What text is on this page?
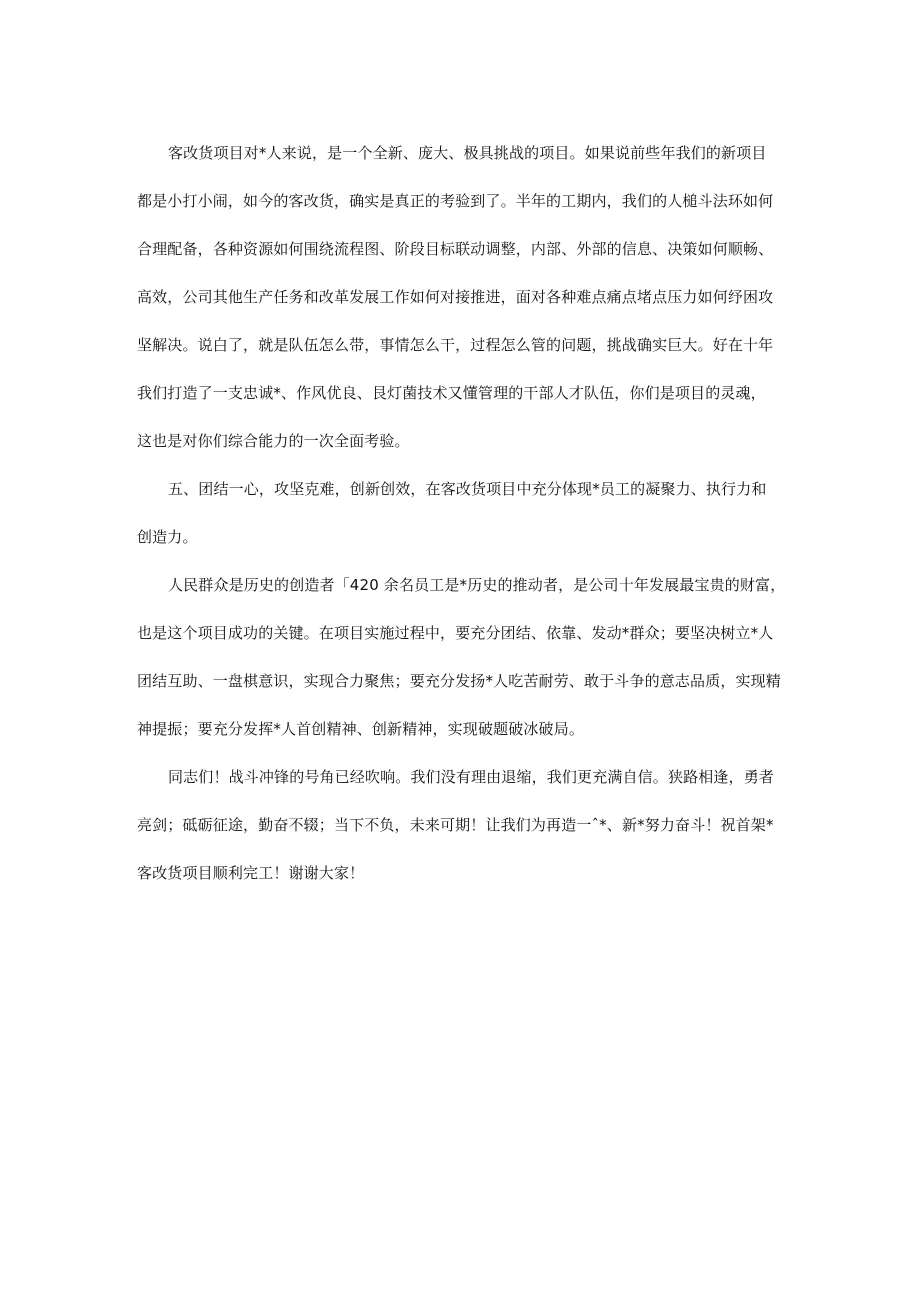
客改货项目对*人来说，是一个全新、庞大、极具挑战的项目。如果说前些年我们的新项目
都是小打小闹，如今的客改货，确实是真正的考验到了。半年的工期内，我们的人槌斗法环如何
合理配备，各种资源如何围绕流程图、阶段目标联动调整，内部、外部的信息、决策如何顺畅、
高效，公司其他生产任务和改革发展工作如何对接推进，面对各种难点痛点堵点压力如何纾困攻
坚解决。说白了，就是队伍怎么带，事情怎么干，过程怎么管的问题，挑战确实巨大。好在十年
我们打造了一支忠诚*、作风优良、艮灯菌技术又懂管理的干部人才队伍，你们是项目的灵魂，
这也是对你们综合能力的一次全面考验。
五、团结一心，攻坚克难，创新创效，在客改货项目中充分体现*员工的凝聚力、执行力和
创造力。
人民群众是历史的创造者「420 余名员工是*历史的推动者，是公司十年发展最宝贵的财富，
也是这个项目成功的关键。在项目实施过程中，要充分团结、依靠、发动*群众；要坚决树立*人
团结互助、一盘棋意识，实现合力聚焦；要充分发扬*人吃苦耐劳、敢于斗争的意志品质，实现精
神提振；要充分发挥*人首创精神、创新精神，实现破题破冰破局。
同志们！战斗冲锋的号角已经吹响。我们没有理由退缩，我们更充满自信。狭路相逢，勇者
亮剑；砥砺征途，勤奋不辍；当下不负，未来可期！让我们为再造一ˆ*、新*努力奋斗！祝首架*
客改货项目顺利完工！谢谢大家！
